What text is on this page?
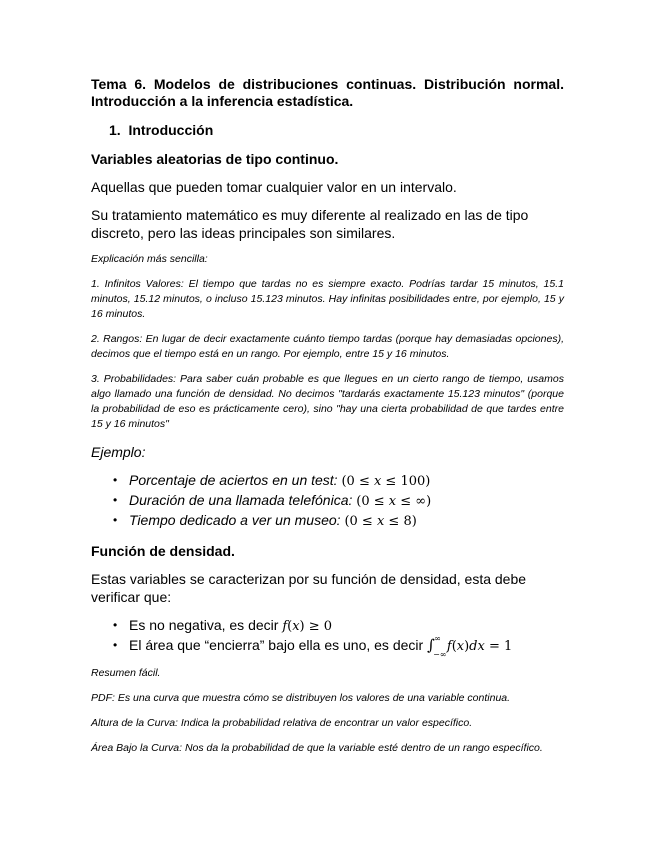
Tema 6. Modelos de distribuciones continuas. Distribución normal.
Introducción a la inferencia estadística.
1. Introducción
Variables aleatorias de tipo continuo.

Aquellas que pueden tomar cualquier valor en un intervalo.

Su tratamiento matemático es muy diferente al realizado en las de tipo discreto, pero las ideas principales son similares.

Explicación más sencilla:

1. Infinitos Valores: El tiempo que tardas no es siempre exacto. Podrías tardar 15 minutos, 15.1 minutos, 15.12 minutos, o incluso 15.123 minutos. Hay infinitas posibilidades entre, por ejemplo, 15 y 16 minutos.

2. Rangos: En lugar de decir exactamente cuánto tiempo tardas (porque hay demasiadas opciones), decimos que el tiempo está en un rango. Por ejemplo, entre 15 y 16 minutos.

3. Probabilidades: Para saber cuán probable es que llegues en un cierto rango de tiempo, usamos algo llamado una función de densidad. No decimos "tardarás exactamente 15.123 minutos" (porque la probabilidad de eso es prácticamente cero), sino "hay una cierta probabilidad de que tardes entre 15 y 16 minutos"

Ejemplo:
• Porcentaje de aciertos en un test: (0 ≤ 𝑥 ≤ 100)
• Duración de una llamada telefónica: (0 ≤ 𝑥 ≤ ∞)
• Tiempo dedicado a ver un museo: (0 ≤ 𝑥 ≤ 8)
Función de densidad.

Estas variables se caracterizan por su función de densidad, esta debe verificar que:

• Es no negativa, es decir 𝑓(𝑥) ≥ 0
• El área que “encierra” bajo ella es uno, es decir ∫ ∞
−∞
𝑓(𝑥)𝑑𝑥 = 1

Resumen fácil.

PDF: Es una curva que muestra cómo se distribuyen los valores de una variable continua.

Altura de la Curva: Indica la probabilidad relativa de encontrar un valor específico.

Área Bajo la Curva: Nos da la probabilidad de que la variable esté dentro de un rango específico.
